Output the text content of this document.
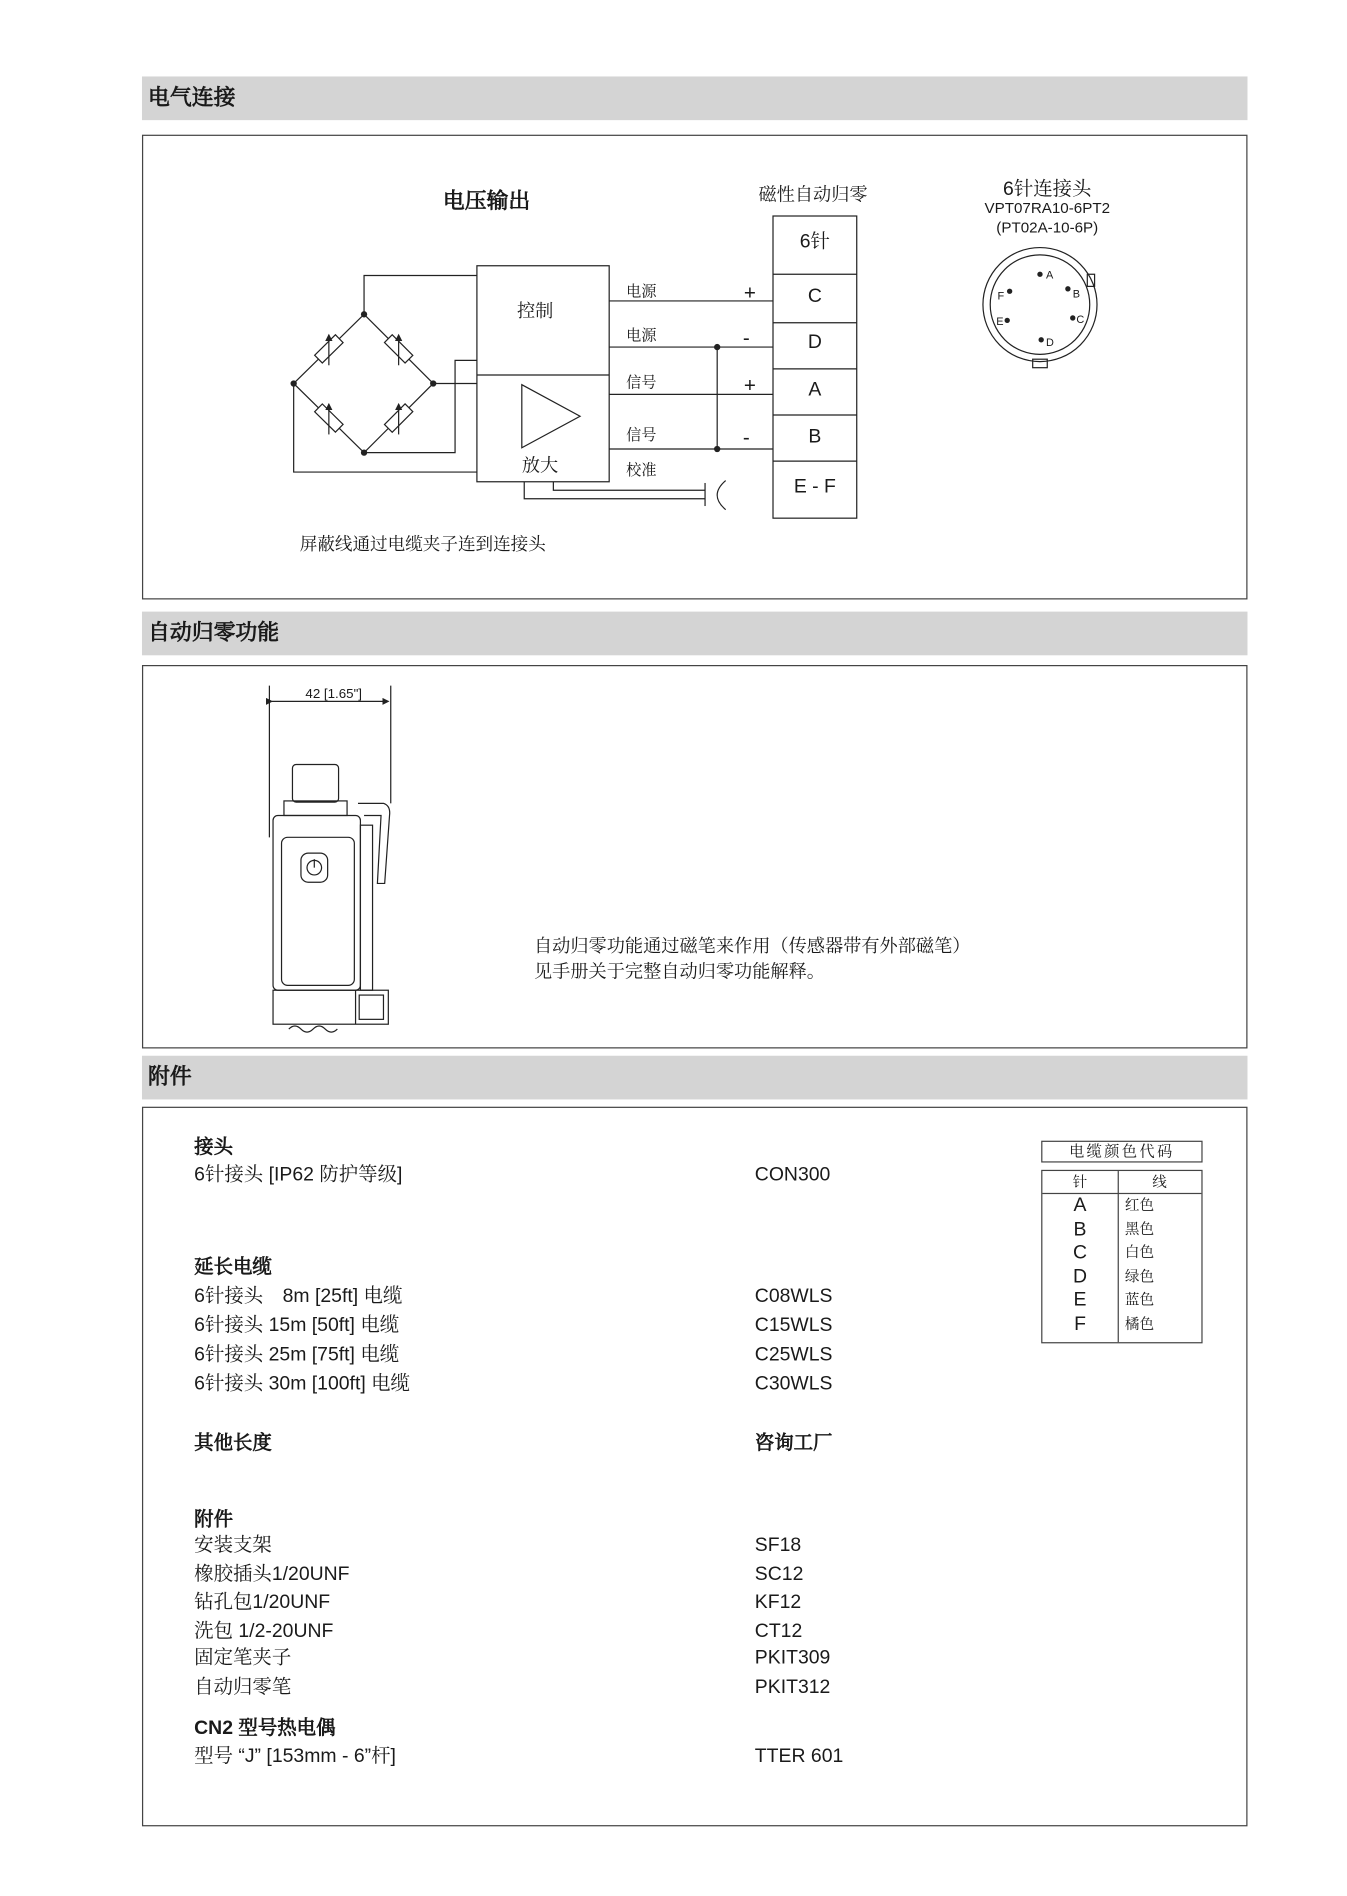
电气连接
自动归零功能
附件
电压输出
控制
放大
电源
电源
信号
信号
校准
+
-
+
-
磁性自动归零
6针
C
D
A
B
E - F
6针连接头
VPT07RA10-6PT2
(PT02A-10-6P)
A
B
C
D
E
F
屏蔽线通过电缆夹子连到连接头
42 [1.65"]
自动归零功能通过磁笔来作用（传感器带有外部磁笔）
见手册关于完整自动归零功能解释。
接头
6针接头 [IP62 防护等级]	CON300
延长电缆
6针接头　8m [25ft] 电缆	C08WLS
6针接头 15m [50ft] 电缆	C15WLS
6针接头 25m [75ft] 电缆	C25WLS
6针接头 30m [100ft] 电缆	C30WLS
其他长度	咨询工厂
附件
安装支架	SF18
橡胶插头1/20UNF	SC12
钻孔包1/20UNF	KF12
洗包 1/2-20UNF	CT12
固定笔夹子	PKIT309
自动归零笔	PKIT312
CN2 型号热电偶
型号 “J” [153mm - 6”杆]	TTER 601
电缆颜色代码
针	线
A	红色
B	黑色
C	白色
D	绿色
E	蓝色
F	橘色
